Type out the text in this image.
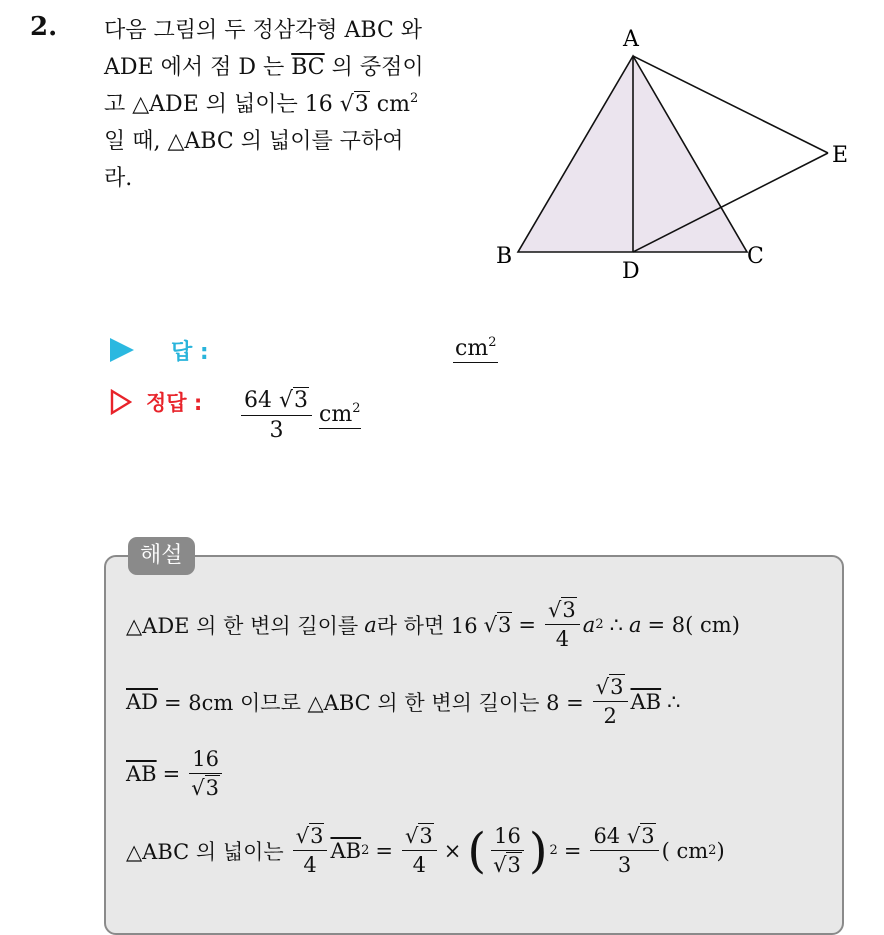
2. 다음 그림의 두 정삼각형 ABC 와
ADE 에서 점 D 는 $\overline{BC}$ 의 중점이
고 △ADE 의 넓이는 16 √3 $cm^2$
일 때, △ABC 의 넓이를 구하여
라.
A
B	C
D
E
답 :	$cm^2$
정답 : $\frac{64 √3}{3} cm^2$
해설
△ADE 의 한 변의 길이를 a 라 하면 16 $√3 = \frac{√3}{4}$ a 2 ∴ a = 8( cm)
$\overline{AD} = 8cm$ 이므로 △ABC 의 한 변의 길이는 $8 = \frac{√3}{2} \overline{AB}$ ∴
$\overline{AB} = \frac{16}{√3}$
△ABC 의 넓이는 $\frac{√3}{4} \overline{AB}$ $2 = \frac{√3}{4}$ × ( $\frac{16}{√3}$ ) $2 = \frac{64 √3}{3}$ ( cm 2 )
